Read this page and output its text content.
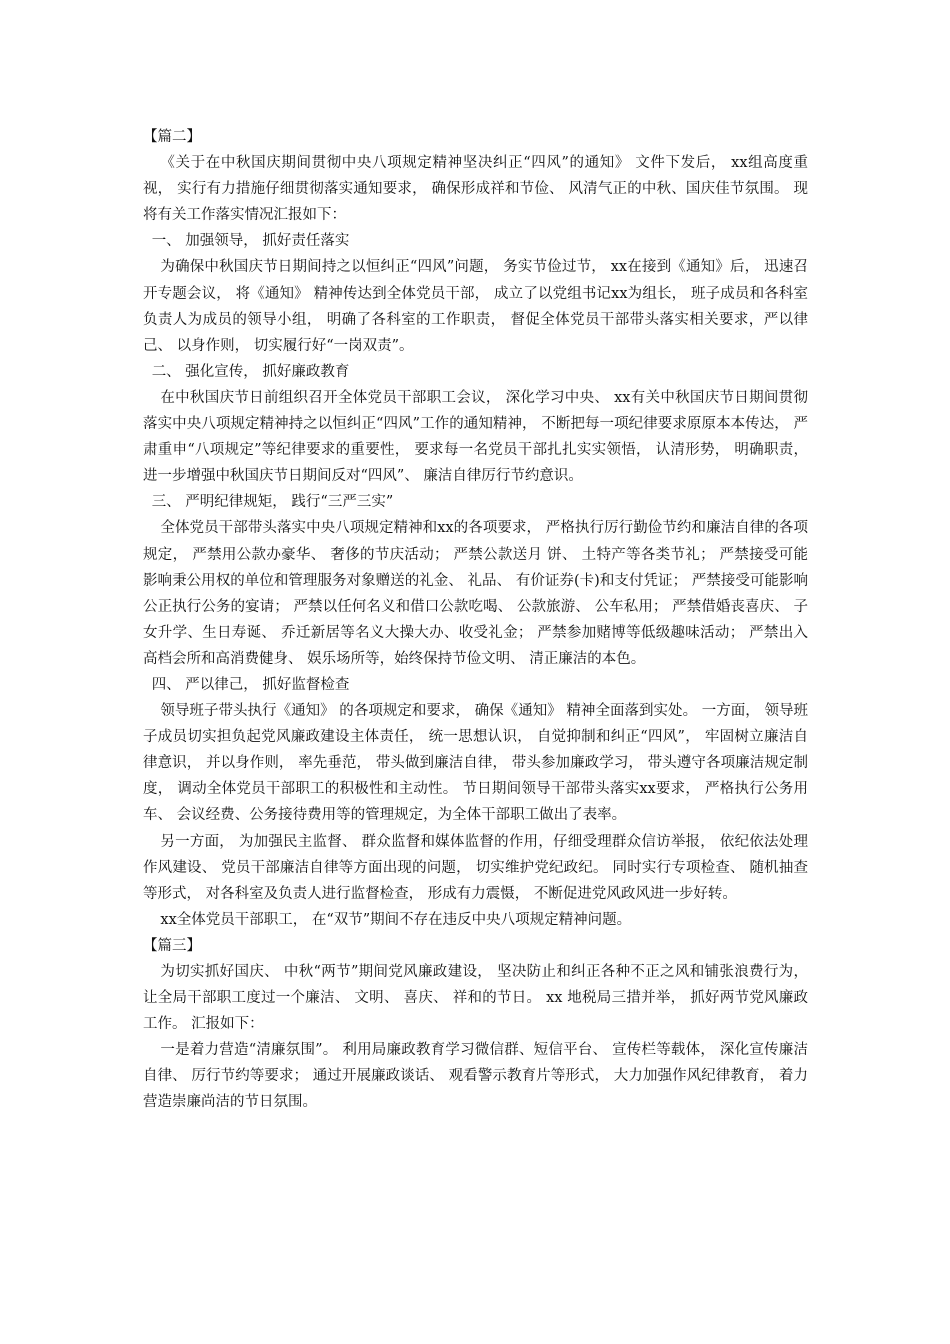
【篇二】

《关于在中秋国庆期间贯彻中央八项规定精神坚决纠正“四风”的通知》 文件下发后， xx组高度重视， 实行有力措施仔细贯彻落实通知要求， 确保形成祥和节俭、 风清气正的中秋、国庆佳节氛围。 现将有关工作落实情况汇报如下：

一、 加强领导， 抓好责任落实

为确保中秋国庆节日期间持之以恒纠正“四风”问题， 务实节俭过节， xx在接到《通知》后， 迅速召开专题会议， 将《通知》 精神传达到全体党员干部， 成立了以党组书记xx为组长， 班子成员和各科室负责人为成员的领导小组， 明确了各科室的工作职责， 督促全体党员干部带头落实相关要求，严以律己、 以身作则， 切实履行好“一岗双责”。

二、 强化宣传， 抓好廉政教育

在中秋国庆节日前组织召开全体党员干部职工会议， 深化学习中央、 xx有关中秋国庆节日期间贯彻落实中央八项规定精神持之以恒纠正“四风”工作的通知精神， 不断把每一项纪律要求原原本本传达， 严肃重申“八项规定”等纪律要求的重要性， 要求每一名党员干部扎扎实实领悟， 认清形势， 明确职责， 进一步增强中秋国庆节日期间反对“四风”、 廉洁自律厉行节约意识。

三、 严明纪律规矩， 践行“三严三实”

全体党员干部带头落实中央八项规定精神和xx的各项要求， 严格执行厉行勤俭节约和廉洁自律的各项规定， 严禁用公款办豪华、 奢侈的节庆活动； 严禁公款送月 饼、 土特产等各类节礼； 严禁接受可能影响秉公用权的单位和管理服务对象赠送的礼金、 礼品、 有价证券(卡)和支付凭证； 严禁接受可能影响公正执行公务的宴请； 严禁以任何名义和借口公款吃喝、 公款旅游、 公车私用； 严禁借婚丧喜庆、 子女升学、生日寿诞、 乔迁新居等名义大操大办、收受礼金； 严禁参加赌博等低级趣味活动； 严禁出入高档会所和高消费健身、 娱乐场所等，始终保持节俭文明、 清正廉洁的本色。

四、 严以律己， 抓好监督检查

领导班子带头执行《通知》 的各项规定和要求， 确保《通知》 精神全面落到实处。 一方面， 领导班子成员切实担负起党风廉政建设主体责任， 统一思想认识， 自觉抑制和纠正“四风”， 牢固树立廉洁自律意识， 并以身作则， 率先垂范， 带头做到廉洁自律， 带头参加廉政学习， 带头遵守各项廉洁规定制度， 调动全体党员干部职工的积极性和主动性。 节日期间领导干部带头落实xx要求， 严格执行公务用车、 会议经费、公务接待费用等的管理规定，为全体干部职工做出了表率。

另一方面， 为加强民主监督、 群众监督和媒体监督的作用，仔细受理群众信访举报， 依纪依法处理作风建设、 党员干部廉洁自律等方面出现的问题， 切实维护党纪政纪。 同时实行专项检查、 随机抽查等形式， 对各科室及负责人进行监督检查， 形成有力震慑， 不断促进党风政风进一步好转。

xx全体党员干部职工， 在“双节”期间不存在违反中央八项规定精神问题。

【篇三】

为切实抓好国庆、 中秋“两节”期间党风廉政建设， 坚决防止和纠正各种不正之风和铺张浪费行为， 让全局干部职工度过一个廉洁、 文明、 喜庆、 祥和的节日。 xx 地税局三措并举， 抓好两节党风廉政工作。 汇报如下：

一是着力营造“清廉氛围”。 利用局廉政教育学习微信群、短信平台、 宣传栏等载体， 深化宣传廉洁自律、 厉行节约等要求； 通过开展廉政谈话、 观看警示教育片等形式， 大力加强作风纪律教育， 着力营造崇廉尚洁的节日氛围。
